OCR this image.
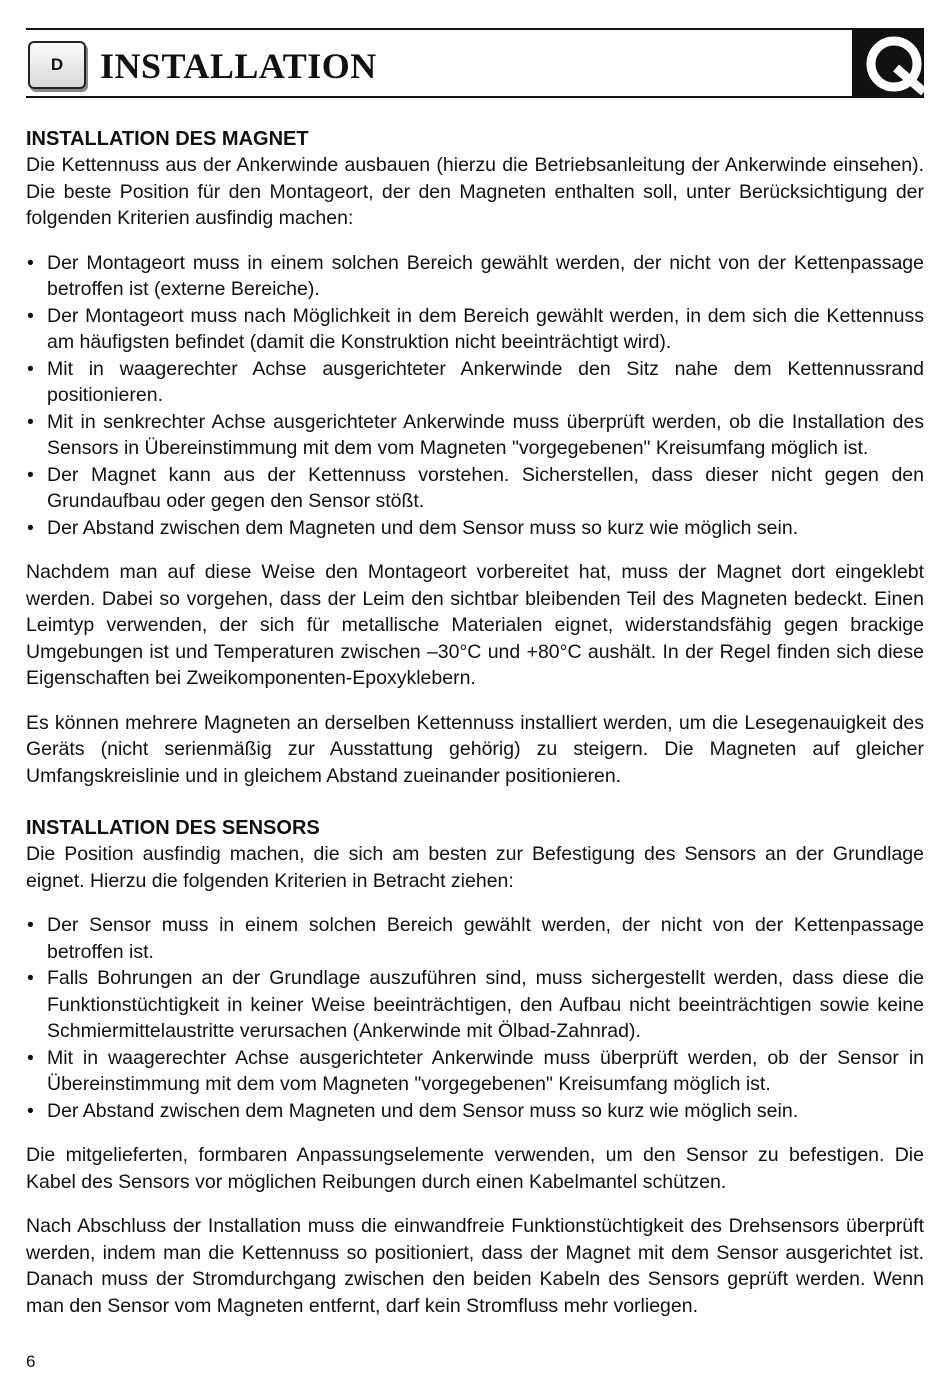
D INSTALLATION
INSTALLATION DES MAGNET

Die Kettennuss aus der Ankerwinde ausbauen (hierzu die Betriebsanleitung der Ankerwinde einsehen). Die beste Position für den Montageort, der den Magneten enthalten soll, unter Berücksichtigung der folgenden Kriterien ausfindig machen:

• Der Montageort muss in einem solchen Bereich gewählt werden, der nicht von der Kettenpassage betroffen ist (externe Bereiche).
• Der Montageort muss nach Möglichkeit in dem Bereich gewählt werden, in dem sich die Kettennuss am häufigsten befindet (damit die Konstruktion nicht beeinträchtigt wird).
• Mit in waagerechter Achse ausgerichteter Ankerwinde den Sitz nahe dem Kettennussrand positionieren.
• Mit in senkrechter Achse ausgerichteter Ankerwinde muss überprüft werden, ob die Installation des Sensors in Übereinstimmung mit dem vom Magneten "vorgegebenen" Kreisumfang möglich ist.
• Der Magnet kann aus der Kettennuss vorstehen. Sicherstellen, dass dieser nicht gegen den Grundaufbau oder gegen den Sensor stößt.
• Der Abstand zwischen dem Magneten und dem Sensor muss so kurz wie möglich sein.

Nachdem man auf diese Weise den Montageort vorbereitet hat, muss der Magnet dort eingeklebt werden. Dabei so vorgehen, dass der Leim den sichtbar bleibenden Teil des Magneten bedeckt. Einen Leimtyp verwenden, der sich für metallische Materialen eignet, widerstandsfähig gegen brackige Umgebungen ist und Temperaturen zwischen –30°C und +80°C aushält. In der Regel finden sich diese Eigenschaften bei Zweikomponenten-Epoxyklebern.

Es können mehrere Magneten an derselben Kettennuss installiert werden, um die Lesegenauigkeit des Geräts (nicht serienmäßig zur Ausstattung gehörig) zu steigern. Die Magneten auf gleicher Umfangskreislinie und in gleichem Abstand zueinander positionieren.

INSTALLATION DES SENSORS

Die Position ausfindig machen, die sich am besten zur Befestigung des Sensors an der Grundlage eignet. Hierzu die folgenden Kriterien in Betracht ziehen:

• Der Sensor muss in einem solchen Bereich gewählt werden, der nicht von der Kettenpassage betroffen ist.
• Falls Bohrungen an der Grundlage auszuführen sind, muss sichergestellt werden, dass diese die Funktionstüchtigkeit in keiner Weise beeinträchtigen, den Aufbau nicht beeinträchtigen sowie keine Schmiermittelaustritte verursachen (Ankerwinde mit Ölbad-Zahnrad).
• Mit in waagerechter Achse ausgerichteter Ankerwinde muss überprüft werden, ob der Sensor in Übereinstimmung mit dem vom Magneten "vorgegebenen" Kreisumfang möglich ist.
• Der Abstand zwischen dem Magneten und dem Sensor muss so kurz wie möglich sein.

Die mitgelieferten, formbaren Anpassungselemente verwenden, um den Sensor zu befestigen. Die Kabel des Sensors vor möglichen Reibungen durch einen Kabelmantel schützen.

Nach Abschluss der Installation muss die einwandfreie Funktionstüchtigkeit des Drehsensors überprüft werden, indem man die Kettennuss so positioniert, dass der Magnet mit dem Sensor ausgerichtet ist. Danach muss der Stromdurchgang zwischen den beiden Kabeln des Sensors geprüft werden. Wenn man den Sensor vom Magneten entfernt, darf kein Stromfluss mehr vorliegen.

6
